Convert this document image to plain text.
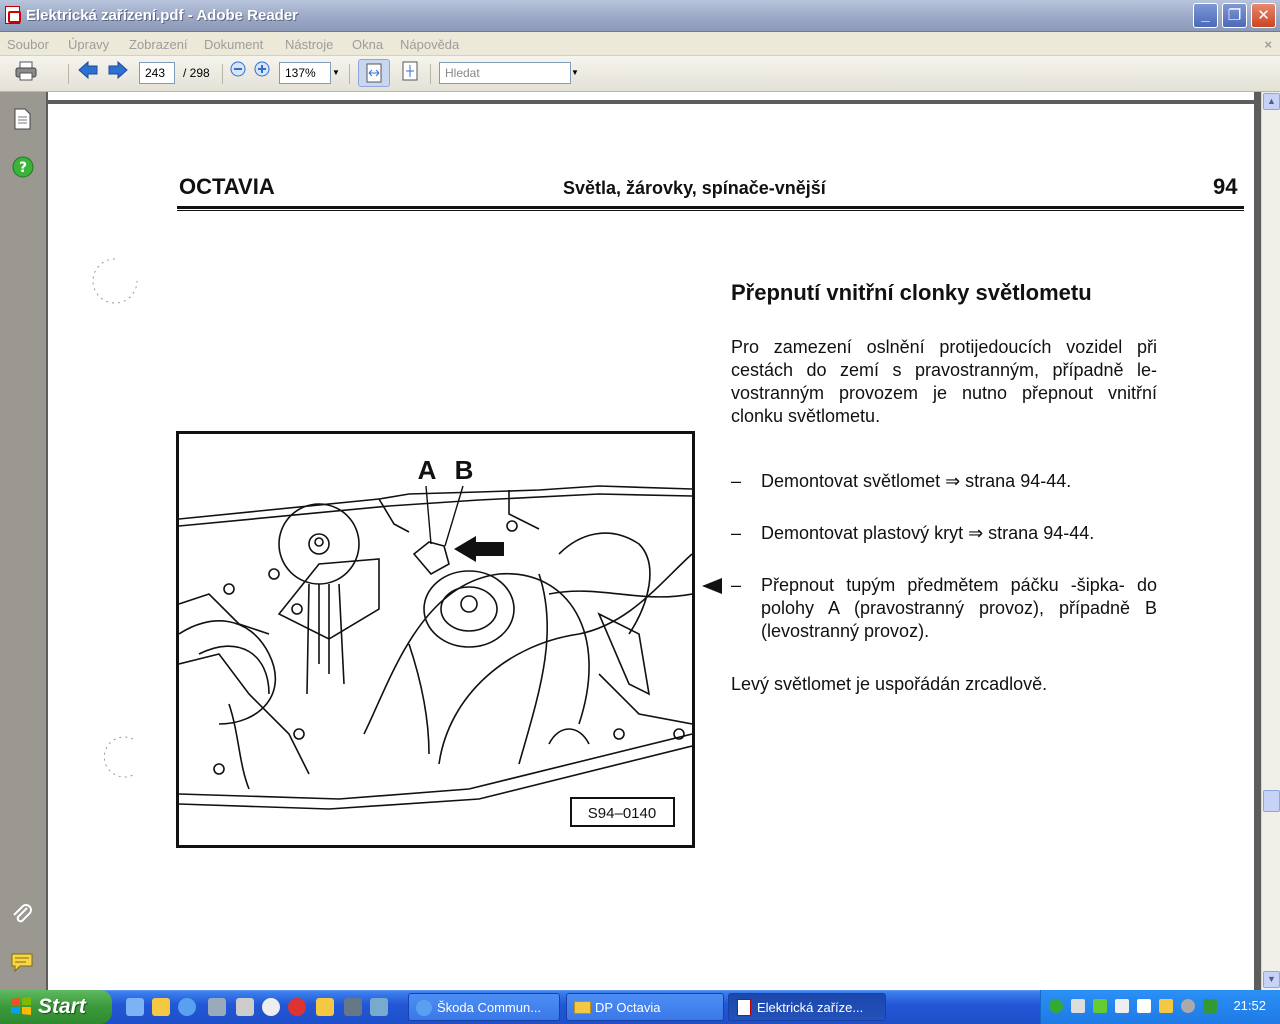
Elektrická zařízení.pdf - Adobe Reader	_	❐	✕
Soubor Úpravy Zobrazení Dokument Nástroje Okna Nápověda	×
243	/ 298	137%	▼	Hledat	▼
?
OCTAVIA	Světla, žárovky, spínače-vnější	94
Přepnutí vnitřní clonky světlometu
Pro zamezení oslnění protijedoucích vozidel při cestách do zemí s pravostranným, případně levostranným provozem je nutno přepnout vnitřní clonku světlometu.
– Demontovat světlomet ⇒ strana 94-44.
– Demontovat plastový kryt ⇒ strana 94-44.
– Přepnout tupým předmětem páčku -šipka- do polohy A (pravostranný provoz), případně B (levostranný provoz).
Levý světlomet je uspořádán zrcadlově.
A B
S94–0140
▲
▼
Start	Škoda Commun...	DP Octavia	Elektrická zaříze...	21:52
